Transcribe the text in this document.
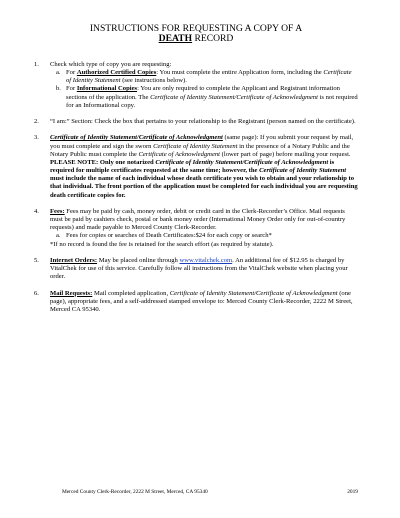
INSTRUCTIONS FOR REQUESTING A COPY OF A
DEATH RECORD
1. Check which type of copy you are requesting:
a. For Authorized Certified Copies: You must complete the entire Application form, including the Certificate of Identity Statement (see instructions below).
b. For Informational Copies: You are only required to complete the Applicant and Registrant information sections of the application. The Certificate of Identity Statement/Certificate of Acknowledgment is not required for an Informational copy.
2. “I am:” Section: Check the box that pertains to your relationship to the Registrant (person named on the certificate).
3. Certificate of Identity Statement/Certificate of Acknowledgment (same page): If you submit your request by mail, you must complete and sign the sworn Certificate of Identity Statement in the presence of a Notary Public and the Notary Public must complete the Certificate of Acknowledgment (lower part of page) before mailing your request.
PLEASE NOTE: Only one notarized Certificate of Identity Statement/Certificate of Acknowledgment is required for multiple certificates requested at the same time; however, the Certificate of Identity Statement must include the name of each individual whose death certificate you wish to obtain and your relationship to that individual. The front portion of the application must be completed for each individual you are requesting death certificate copies for.
4. Fees: Fees may be paid by cash, money order, debit or credit card in the Clerk-Recorder’s Office. Mail requests must be paid by cashiers check, postal or bank money order (International Money Order only for out-of-country requests) and made payable to Merced County Clerk-Recorder.
a. Fees for copies or searches of Death Certificates:$24 for each copy or search*
*If no record is found the fee is retained for the search effort (as required by statute).
5. Internet Orders: May be placed online through www.vitalchek.com. An additional fee of $12.95 is charged by VitalChek for use of this service. Carefully follow all instructions from the VitalChek website when placing your order.
6. Mail Requests: Mail completed application, Certificate of Identity Statement/Certificate of Acknowledgment (one page), appropriate fees, and a self-addressed stamped envelope to: Merced County Clerk-Recorder, 2222 M Street, Merced CA 95340.
Merced County Clerk-Recorder, 2222 M Street, Merced, CA 95340	2019
